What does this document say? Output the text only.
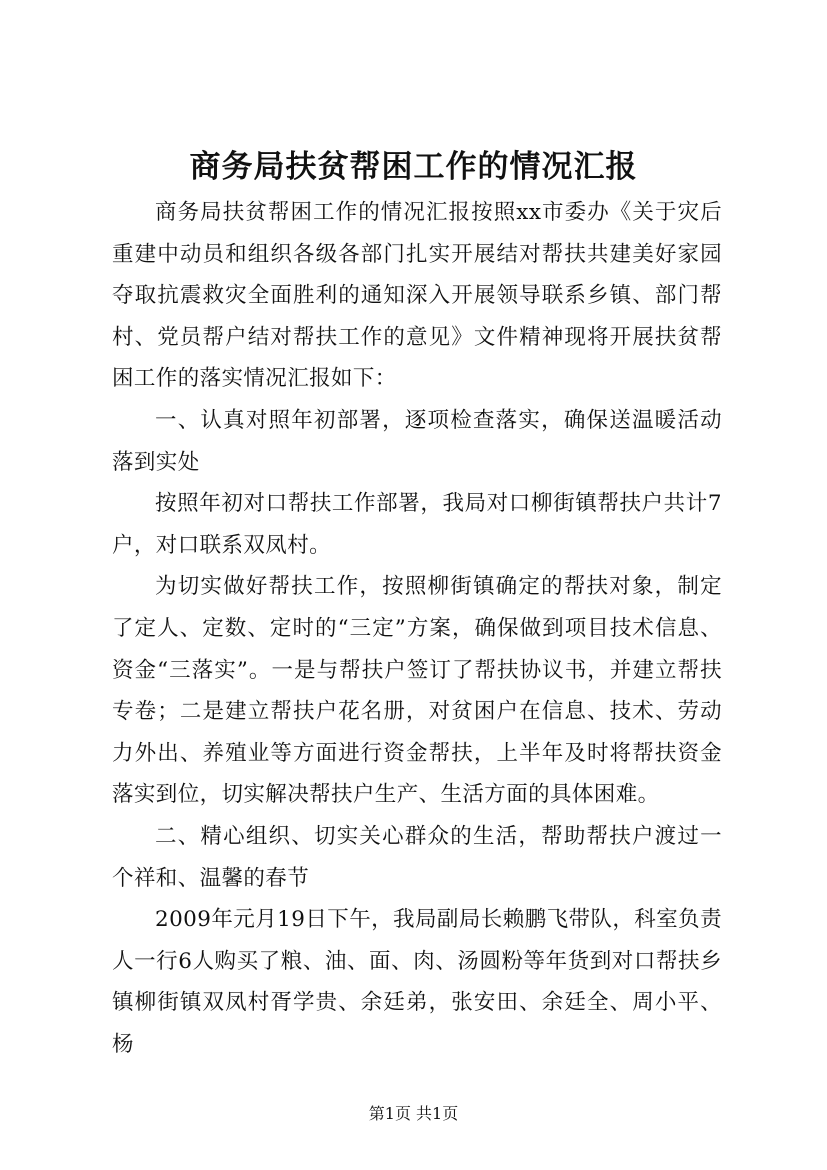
商务局扶贫帮困工作的情况汇报

商务局扶贫帮困工作的情况汇报按照xx市委办《关于灾后重建中动员和组织各级各部门扎实开展结对帮扶共建美好家园夺取抗震救灾全面胜利的通知深入开展领导联系乡镇、部门帮村、党员帮户结对帮扶工作的意见》文件精神现将开展扶贫帮困工作的落实情况汇报如下：

一、认真对照年初部署，逐项检查落实，确保送温暖活动落到实处

按照年初对口帮扶工作部署，我局对口柳街镇帮扶户共计7户，对口联系双凤村。

为切实做好帮扶工作，按照柳街镇确定的帮扶对象，制定了定人、定数、定时的“三定”方案，确保做到项目技术信息、资金“三落实”。一是与帮扶户签订了帮扶协议书，并建立帮扶专卷；二是建立帮扶户花名册，对贫困户在信息、技术、劳动力外出、养殖业等方面进行资金帮扶，上半年及时将帮扶资金落实到位，切实解决帮扶户生产、生活方面的具体困难。

二、精心组织、切实关心群众的生活，帮助帮扶户渡过一个祥和、温馨的春节

2009年元月19日下午，我局副局长赖鹏飞带队，科室负责人一行6人购买了粮、油、面、肉、汤圆粉等年货到对口帮扶乡镇柳街镇双凤村胥学贵、余廷弟，张安田、余廷全、周小平、杨

第1页 共1页
